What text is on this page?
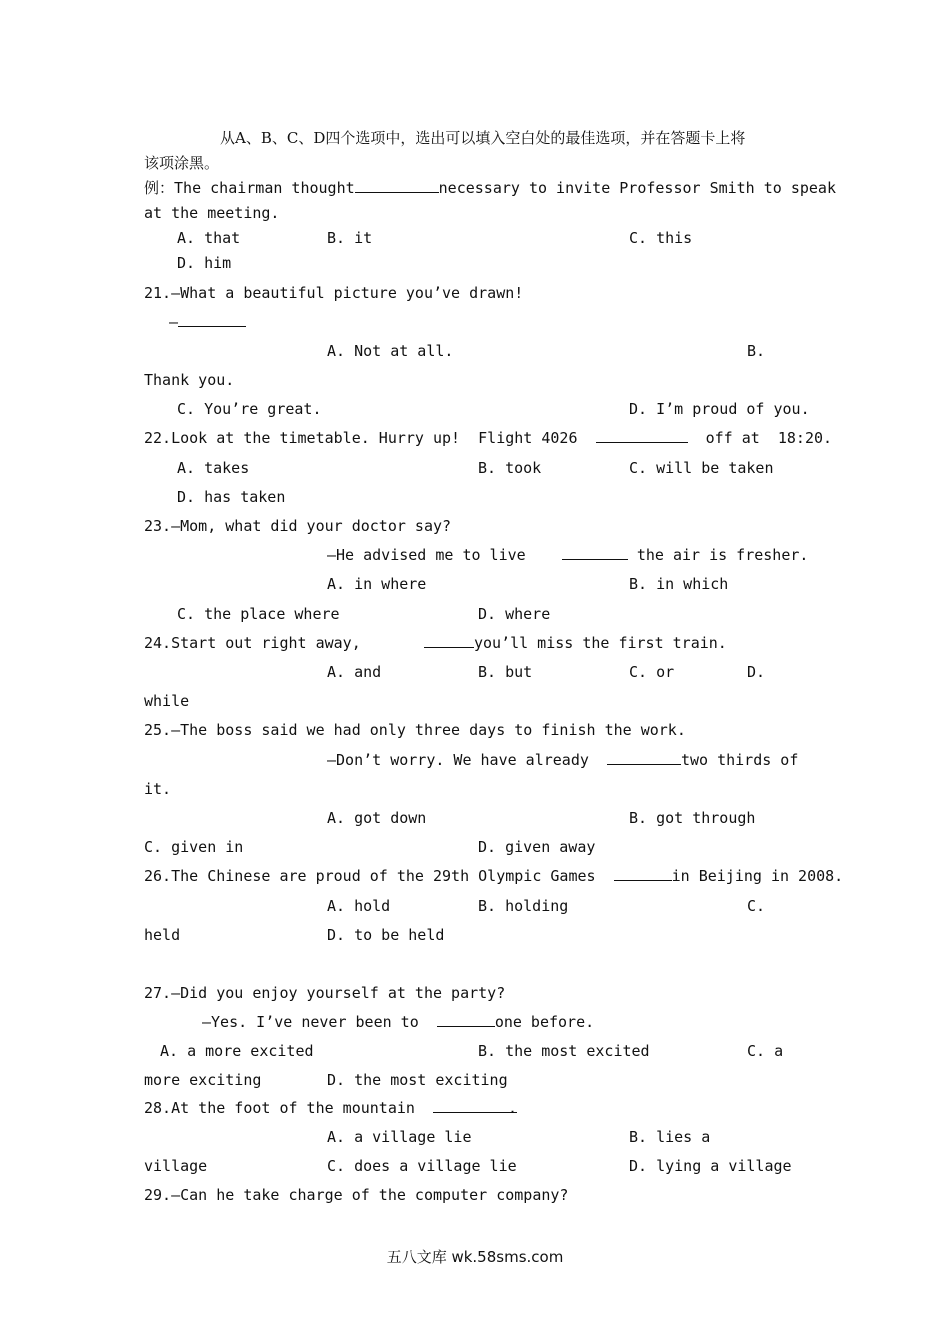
从A、B、C、D四个选项中，选出可以填入空白处的最佳选项，并在答题卡上将
该项涂黑。
例：The chairman thought	necessary to invite Professor Smith to speak
at the meeting.
A. that	B. it	C. this
D. him
21.—What a beautiful picture you’ve drawn!
—
A. Not at all.	B.
Thank you.
C. You’re great.	D. I’m proud of you.
22.Look at the timetable. Hurry up!  Flight 4026	off at  18:20.
A. takes	B. took	C. will be taken
D. has taken
23.—Mom, what did your doctor say?
—He advised me to live	the air is fresher.
A. in where	B. in which
C. the place where	D. where
24.Start out right away,	you’ll miss the first train.
A. and	B. but	C. or	D.
while
25.—The boss said we had only three days to finish the work.
—Don’t worry. We have already	two thirds of
it.
A. got down	B. got through
C. given in	D. given away
26.The Chinese are proud of the 29th Olympic Games	in Beijing in 2008.
A. hold	B. holding	C.
held	D. to be held
27.—Did you enjoy yourself at the party?
—Yes. I’ve never been to	one before.
A. a more excited	B. the most excited	C. a
more exciting	D. the most exciting
28.At the foot of the mountain	.
A. a village lie	B. lies a
village	C. does a village lie	D. lying a village
29.—Can he take charge of the computer company?
五八文库 wk.58sms.com
